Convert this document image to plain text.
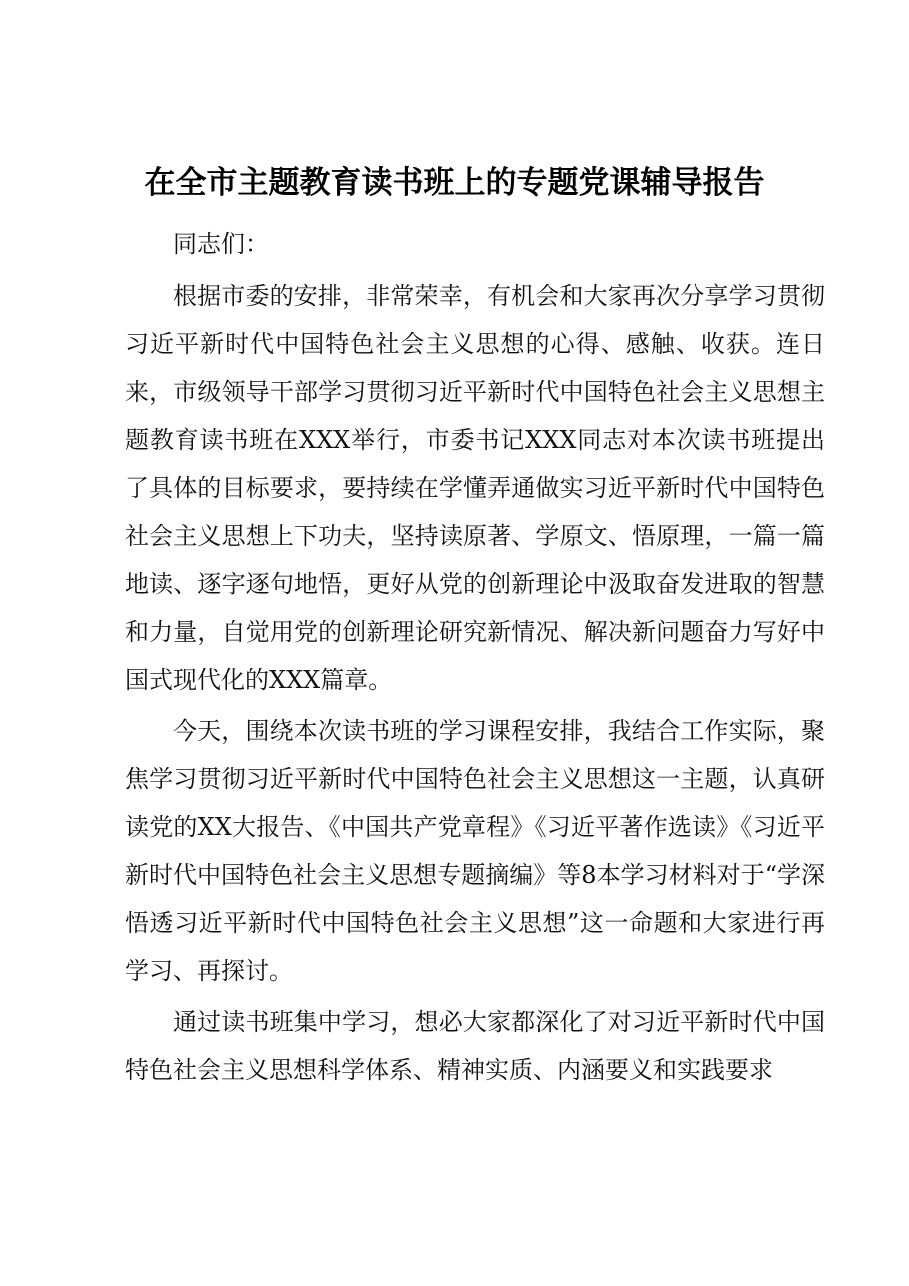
在全市主题教育读书班上的专题党课辅导报告

同志们：

根据市委的安排，非常荣幸，有机会和大家再次分享学习贯彻习近平新时代中国特色社会主义思想的心得、感触、收获。连日来，市级领导干部学习贯彻习近平新时代中国特色社会主义思想主题教育读书班在XXX举行，市委书记XXX同志对本次读书班提出了具体的目标要求，要持续在学懂弄通做实习近平新时代中国特色社会主义思想上下功夫，坚持读原著、学原文、悟原理，一篇一篇地读、逐字逐句地悟，更好从党的创新理论中汲取奋发进取的智慧和力量，自觉用党的创新理论研究新情况、解决新问题奋力写好中国式现代化的XXX篇章。

今天，围绕本次读书班的学习课程安排，我结合工作实际，聚焦学习贯彻习近平新时代中国特色社会主义思想这一主题，认真研读党的XX大报告、《中国共产党章程》《习近平著作选读》《习近平新时代中国特色社会主义思想专题摘编》等8本学习材料对于“学深悟透习近平新时代中国特色社会主义思想”这一命题和大家进行再学习、再探讨。

通过读书班集中学习，想必大家都深化了对习近平新时代中国特色社会主义思想科学体系、精神实质、内涵要义和实践要求
